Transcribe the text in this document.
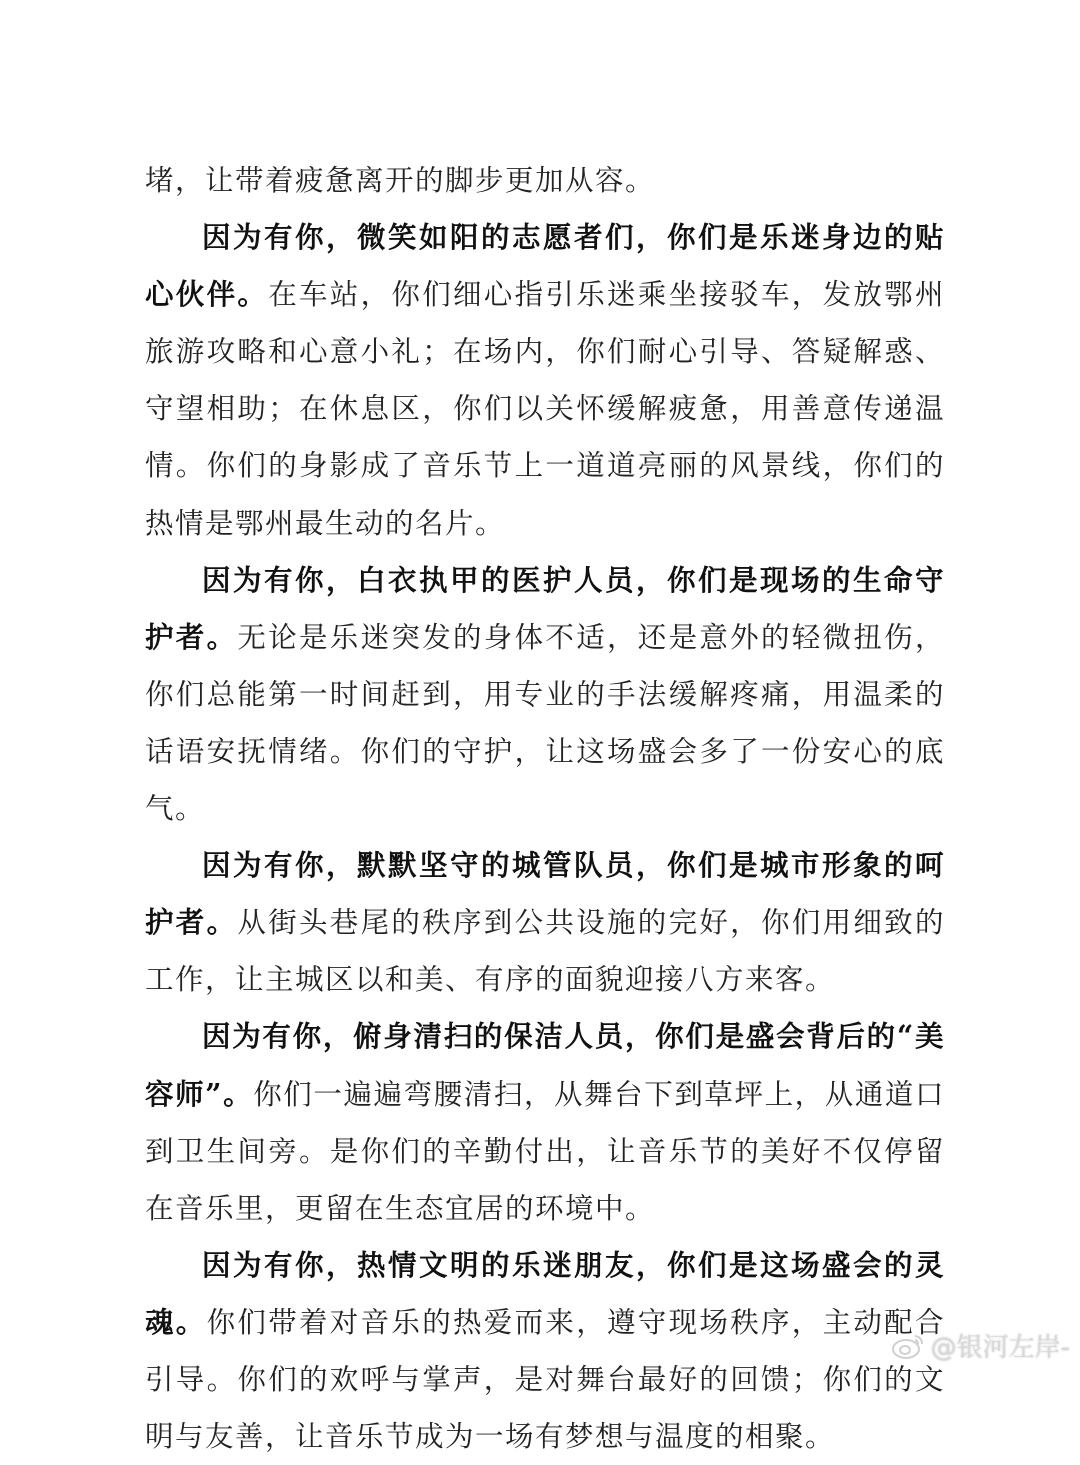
堵，让带着疲惫离开的脚步更加从容。

因为有你，微笑如阳的志愿者们，你们是乐迷身边的贴心伙伴。在车站，你们细心指引乐迷乘坐接驳车，发放鄂州旅游攻略和心意小礼；在场内，你们耐心引导、答疑解惑、守望相助；在休息区，你们以关怀缓解疲惫，用善意传递温情。你们的身影成了音乐节上一道道亮丽的风景线，你们的热情是鄂州最生动的名片。

因为有你，白衣执甲的医护人员，你们是现场的生命守护者。无论是乐迷突发的身体不适，还是意外的轻微扭伤，你们总能第一时间赶到，用专业的手法缓解疼痛，用温柔的话语安抚情绪。你们的守护，让这场盛会多了一份安心的底气。

因为有你，默默坚守的城管队员，你们是城市形象的呵护者。从街头巷尾的秩序到公共设施的完好，你们用细致的工作，让主城区以和美、有序的面貌迎接八方来客。

因为有你，俯身清扫的保洁人员，你们是盛会背后的“美容师”。你们一遍遍弯腰清扫，从舞台下到草坪上，从通道口到卫生间旁。是你们的辛勤付出，让音乐节的美好不仅停留在音乐里，更留在生态宜居的环境中。

因为有你，热情文明的乐迷朋友，你们是这场盛会的灵魂。你们带着对音乐的热爱而来，遵守现场秩序，主动配合引导。你们的欢呼与掌声，是对舞台最好的回馈；你们的文明与友善，让音乐节成为一场有梦想与温度的相聚。

@银河左岸-
